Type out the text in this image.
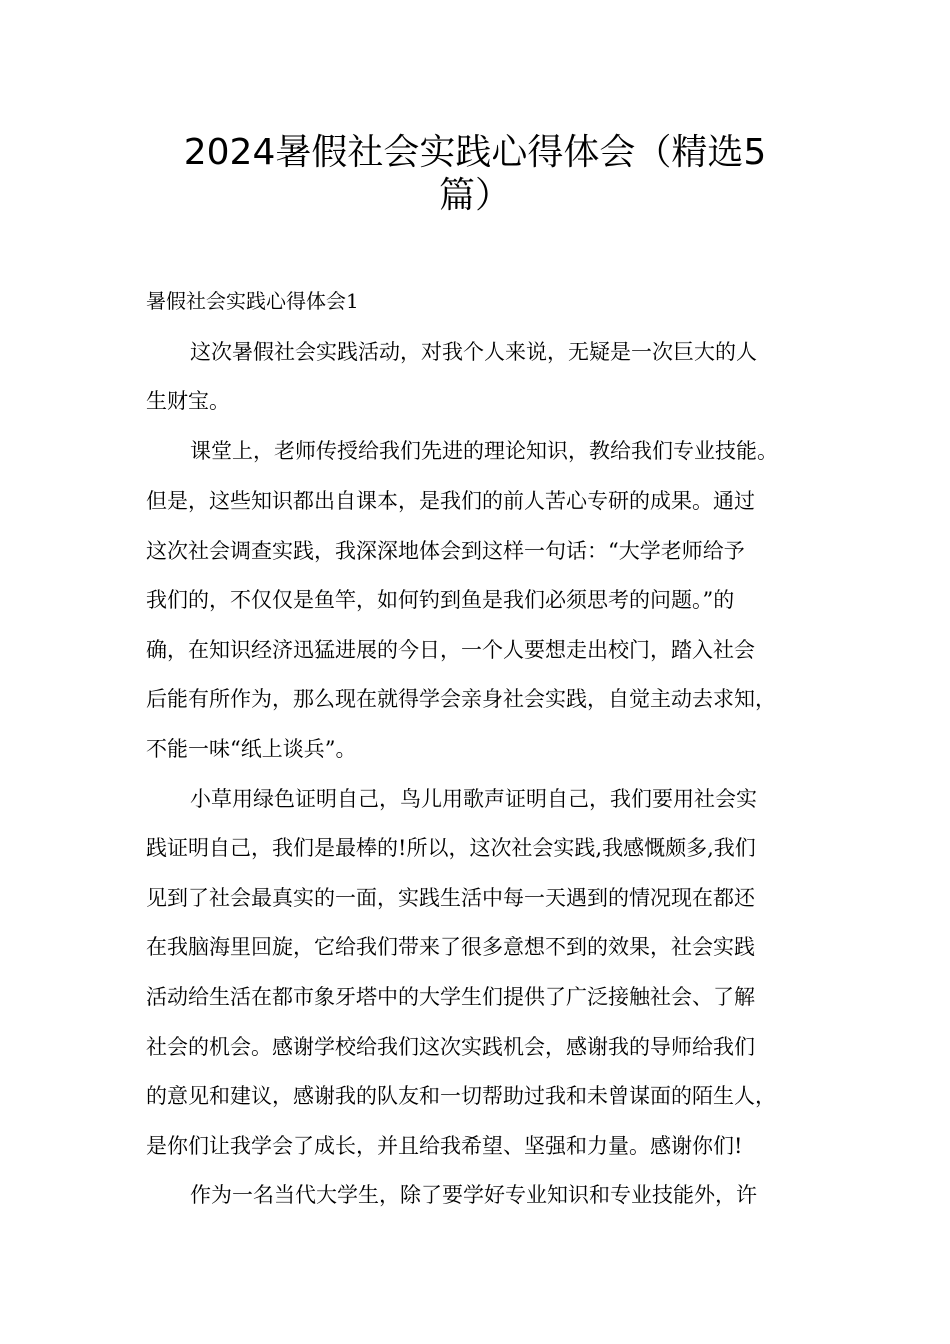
2024暑假社会实践心得体会（精选5
篇）
暑假社会实践心得体会1
这次暑假社会实践活动，对我个人来说，无疑是一次巨大的人
生财宝。
课堂上，老师传授给我们先进的理论知识，教给我们专业技能。
但是，这些知识都出自课本，是我们的前人苦心专研的成果。通过
这次社会调查实践，我深深地体会到这样一句话：“大学老师给予
我们的，不仅仅是鱼竿，如何钓到鱼是我们必须思考的问题。”的
确，在知识经济迅猛进展的今日，一个人要想走出校门，踏入社会
后能有所作为，那么现在就得学会亲身社会实践，自觉主动去求知，
不能一味“纸上谈兵”。
小草用绿色证明自己，鸟儿用歌声证明自己，我们要用社会实
践证明自己，我们是最棒的!所以，这次社会实践,我感慨颇多,我们
见到了社会最真实的一面，实践生活中每一天遇到的情况现在都还
在我脑海里回旋，它给我们带来了很多意想不到的效果，社会实践
活动给生活在都市象牙塔中的大学生们提供了广泛接触社会、了解
社会的机会。感谢学校给我们这次实践机会，感谢我的导师给我们
的意见和建议，感谢我的队友和一切帮助过我和未曾谋面的陌生人，
是你们让我学会了成长，并且给我希望、坚强和力量。感谢你们!
作为一名当代大学生，除了要学好专业知识和专业技能外，许
